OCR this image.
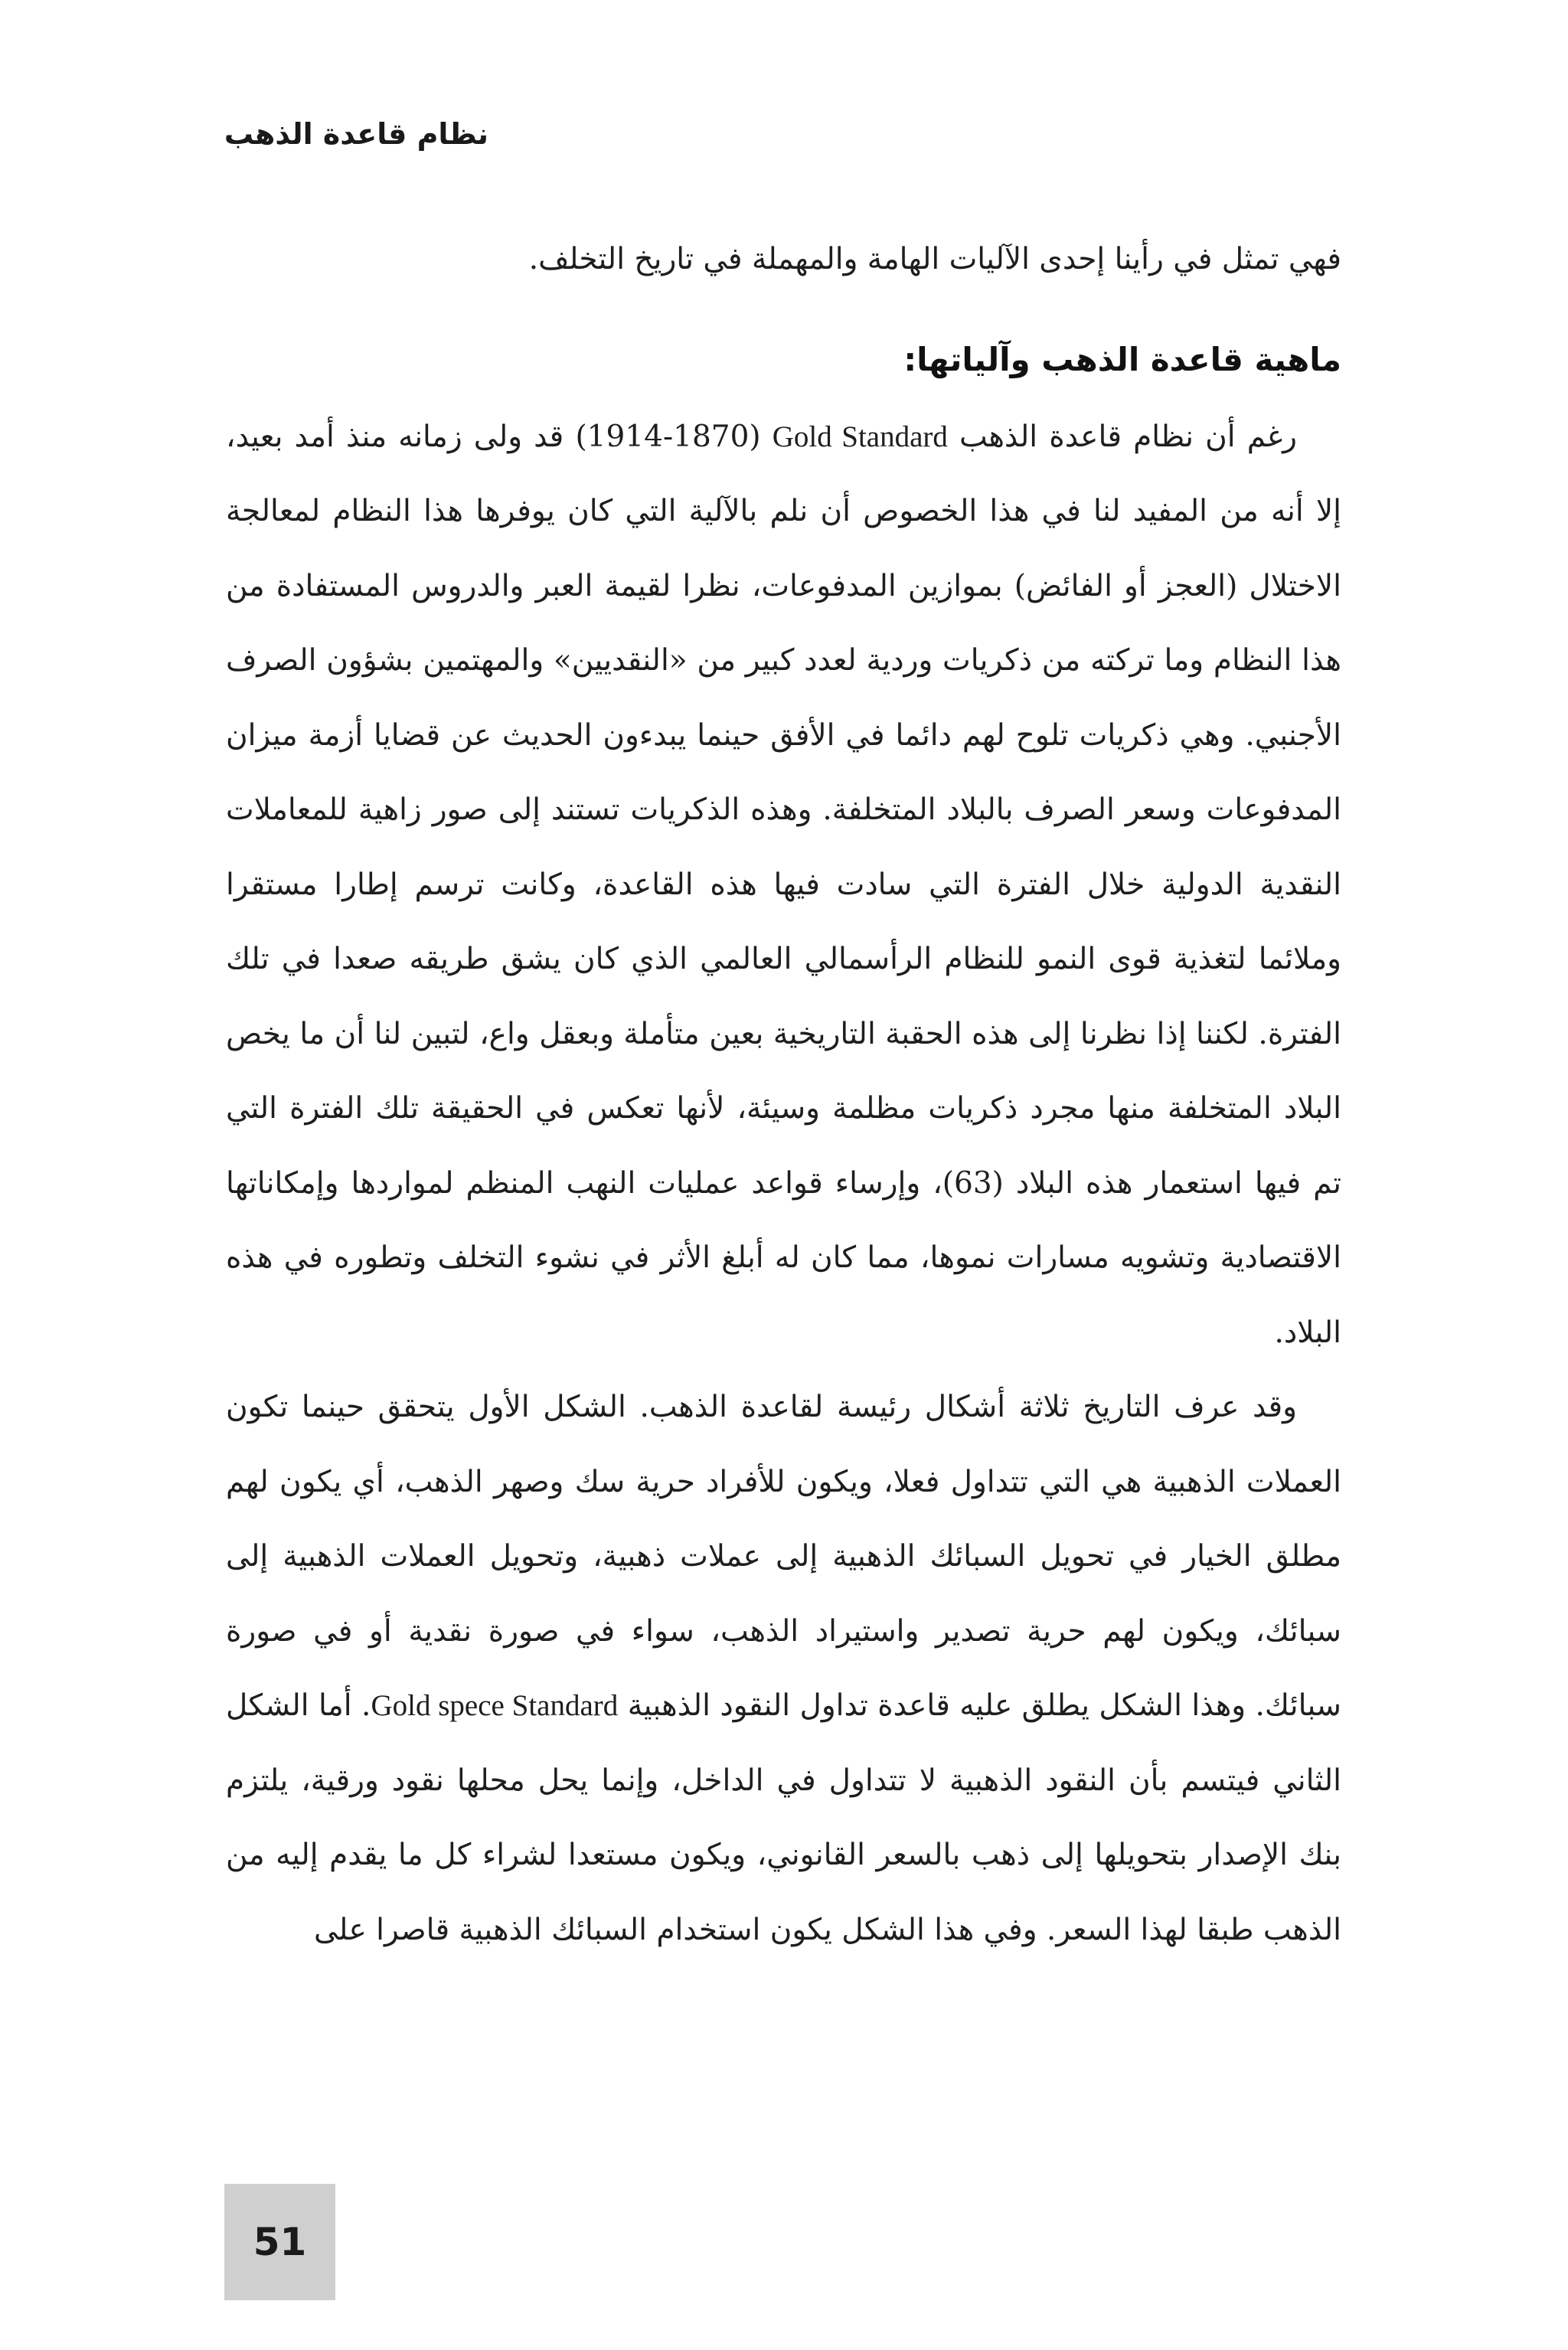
نظام قاعدة الذهب

فهي تمثل في رأينا إحدى الآليات الهامة والمهملة في تاريخ التخلف.

ماهية قاعدة الذهب وآلياتها:

رغم أن نظام قاعدة الذهب Gold Standard (1870-1914) قد ولى زمانه منذ أمد بعيد، إلا أنه من المفيد لنا في هذا الخصوص أن نلم بالآلية التي كان يوفرها هذا النظام لمعالجة الاختلال (العجز أو الفائض) بموازين المدفوعات، نظرا لقيمة العبر والدروس المستفادة من هذا النظام وما تركته من ذكريات وردية لعدد كبير من «النقديين» والمهتمين بشؤون الصرف الأجنبي. وهي ذكريات تلوح لهم دائما في الأفق حينما يبدءون الحديث عن قضايا أزمة ميزان المدفوعات وسعر الصرف بالبلاد المتخلفة. وهذه الذكريات تستند إلى صور زاهية للمعاملات النقدية الدولية خلال الفترة التي سادت فيها هذه القاعدة، وكانت ترسم إطارا مستقرا وملائما لتغذية قوى النمو للنظام الرأسمالي العالمي الذي كان يشق طريقه صعدا في تلك الفترة. لكننا إذا نظرنا إلى هذه الحقبة التاريخية بعين متأملة وبعقل واع، لتبين لنا أن ما يخص البلاد المتخلفة منها مجرد ذكريات مظلمة وسيئة، لأنها تعكس في الحقيقة تلك الفترة التي تم فيها استعمار هذه البلاد (63)، وإرساء قواعد عمليات النهب المنظم لمواردها وإمكاناتها الاقتصادية وتشويه مسارات نموها، مما كان له أبلغ الأثر في نشوء التخلف وتطوره في هذه البلاد.

وقد عرف التاريخ ثلاثة أشكال رئيسة لقاعدة الذهب. الشكل الأول يتحقق حينما تكون العملات الذهبية هي التي تتداول فعلا، ويكون للأفراد حرية سك وصهر الذهب، أي يكون لهم مطلق الخيار في تحويل السبائك الذهبية إلى عملات ذهبية، وتحويل العملات الذهبية إلى سبائك، ويكون لهم حرية تصدير واستيراد الذهب، سواء في صورة نقدية أو في صورة سبائك. وهذا الشكل يطلق عليه قاعدة تداول النقود الذهبية Gold spece Standard. أما الشكل الثاني فيتسم بأن النقود الذهبية لا تتداول في الداخل، وإنما يحل محلها نقود ورقية، يلتزم بنك الإصدار بتحويلها إلى ذهب بالسعر القانوني، ويكون مستعدا لشراء كل ما يقدم إليه من الذهب طبقا لهذا السعر. وفي هذا الشكل يكون استخدام السبائك الذهبية قاصرا على

51
